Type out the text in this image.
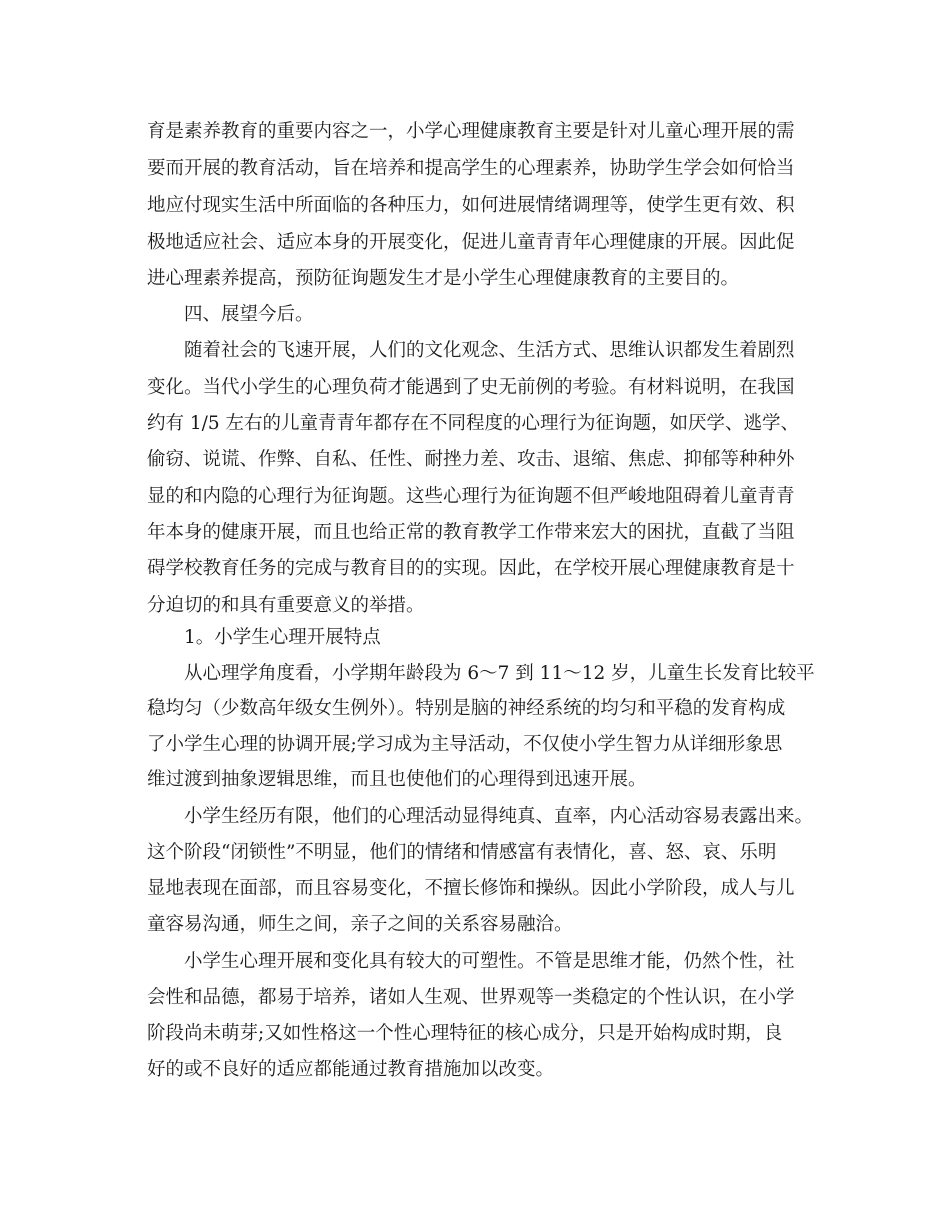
育是素养教育的重要内容之一，小学心理健康教育主要是针对儿童心理开展的需
要而开展的教育活动，旨在培养和提高学生的心理素养，协助学生学会如何恰当
地应付现实生活中所面临的各种压力，如何进展情绪调理等，使学生更有效、积
极地适应社会、适应本身的开展变化，促进儿童青青年心理健康的开展。因此促
进心理素养提高，预防征询题发生才是小学生心理健康教育的主要目的。
四、展望今后。
随着社会的飞速开展，人们的文化观念、生活方式、思维认识都发生着剧烈
变化。当代小学生的心理负荷才能遇到了史无前例的考验。有材料说明，在我国
约有 1/5 左右的儿童青青年都存在不同程度的心理行为征询题，如厌学、逃学、
偷窃、说谎、作弊、自私、任性、耐挫力差、攻击、退缩、焦虑、抑郁等种种外
显的和内隐的心理行为征询题。这些心理行为征询题不但严峻地阻碍着儿童青青
年本身的健康开展，而且也给正常的教育教学工作带来宏大的困扰，直截了当阻
碍学校教育任务的完成与教育目的的实现。因此，在学校开展心理健康教育是十
分迫切的和具有重要意义的举措。
1。小学生心理开展特点
从心理学角度看，小学期年龄段为 6～7 到 11～12 岁，儿童生长发育比较平
稳均匀（少数高年级女生例外）。特别是脑的神经系统的均匀和平稳的发育构成
了小学生心理的协调开展;学习成为主导活动，不仅使小学生智力从详细形象思
维过渡到抽象逻辑思维，而且也使他们的心理得到迅速开展。
小学生经历有限，他们的心理活动显得纯真、直率，内心活动容易表露出来。
这个阶段“闭锁性”不明显，他们的情绪和情感富有表情化，喜、怒、哀、乐明
显地表现在面部，而且容易变化，不擅长修饰和操纵。因此小学阶段，成人与儿
童容易沟通，师生之间，亲子之间的关系容易融洽。
小学生心理开展和变化具有较大的可塑性。不管是思维才能，仍然个性，社
会性和品德，都易于培养，诸如人生观、世界观等一类稳定的个性认识，在小学
阶段尚未萌芽;又如性格这一个性心理特征的核心成分，只是开始构成时期，良
好的或不良好的适应都能通过教育措施加以改变。
